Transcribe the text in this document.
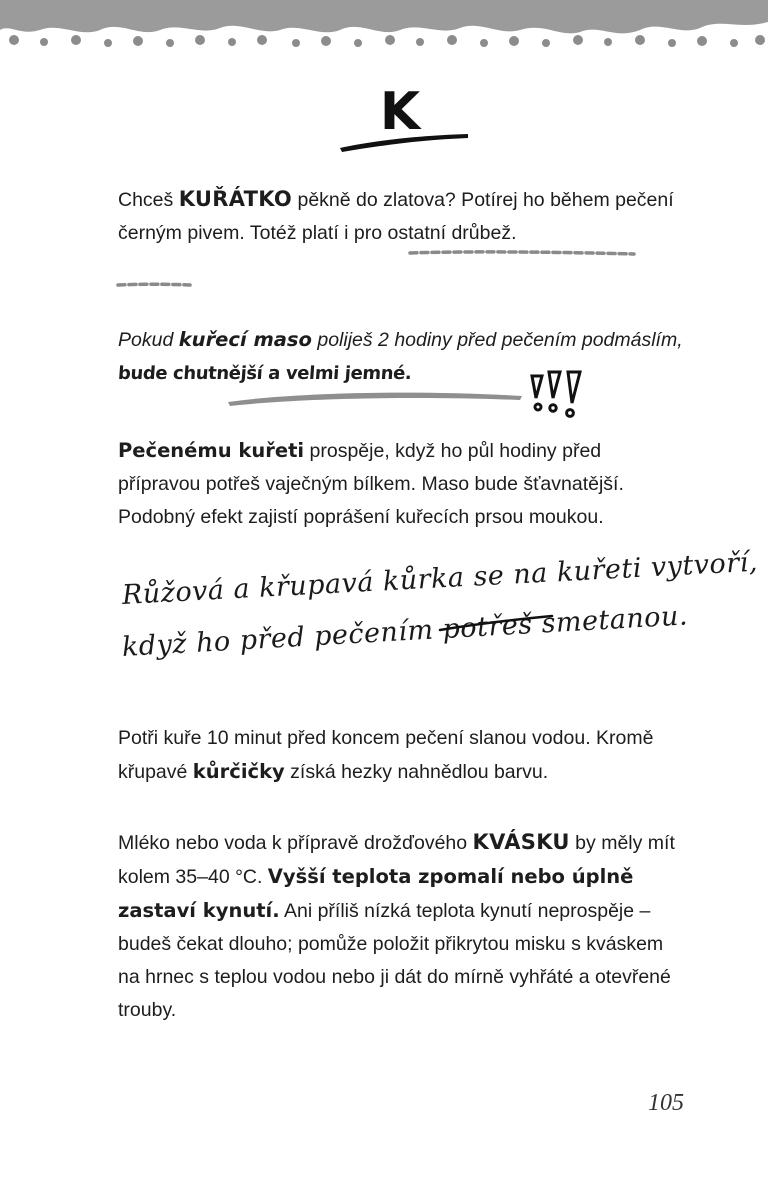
K
Chceš KUŘÁTKO pěkně do zlatova? Potírej ho během pečení černým pivem. Totéž platí i pro ostatní drůbež.
Pokud kuřecí maso poliješ 2 hodiny před pečením podmáslím, bude chutnější a velmi jemné.
Pečenému kuřeti prospěje, když ho půl hodiny před přípravou potřeš vaječným bílkem. Maso bude šťavnatější. Podobný efekt zajistí poprášení kuřecích prsou moukou.
Růžová a křupavá kůrka se na kuřeti vytvoří,
když ho před pečením potřeš smetanou.
Potři kuře 10 minut před koncem pečení slanou vodou. Kromě křupavé kůrčičky získá hezky nahnědlou barvu.
Mléko nebo voda k přípravě drožďového KVÁSKU by měly mít kolem 35–40 °C. Vyšší teplota zpomalí nebo úplně zastaví kynutí. Ani příliš nízká teplota kynutí neprospěje – budeš čekat dlouho; pomůže položit přikrytou misku s kváskem na hrnec s teplou vodou nebo ji dát do mírně vyhřáté a otevřené trouby.
105
